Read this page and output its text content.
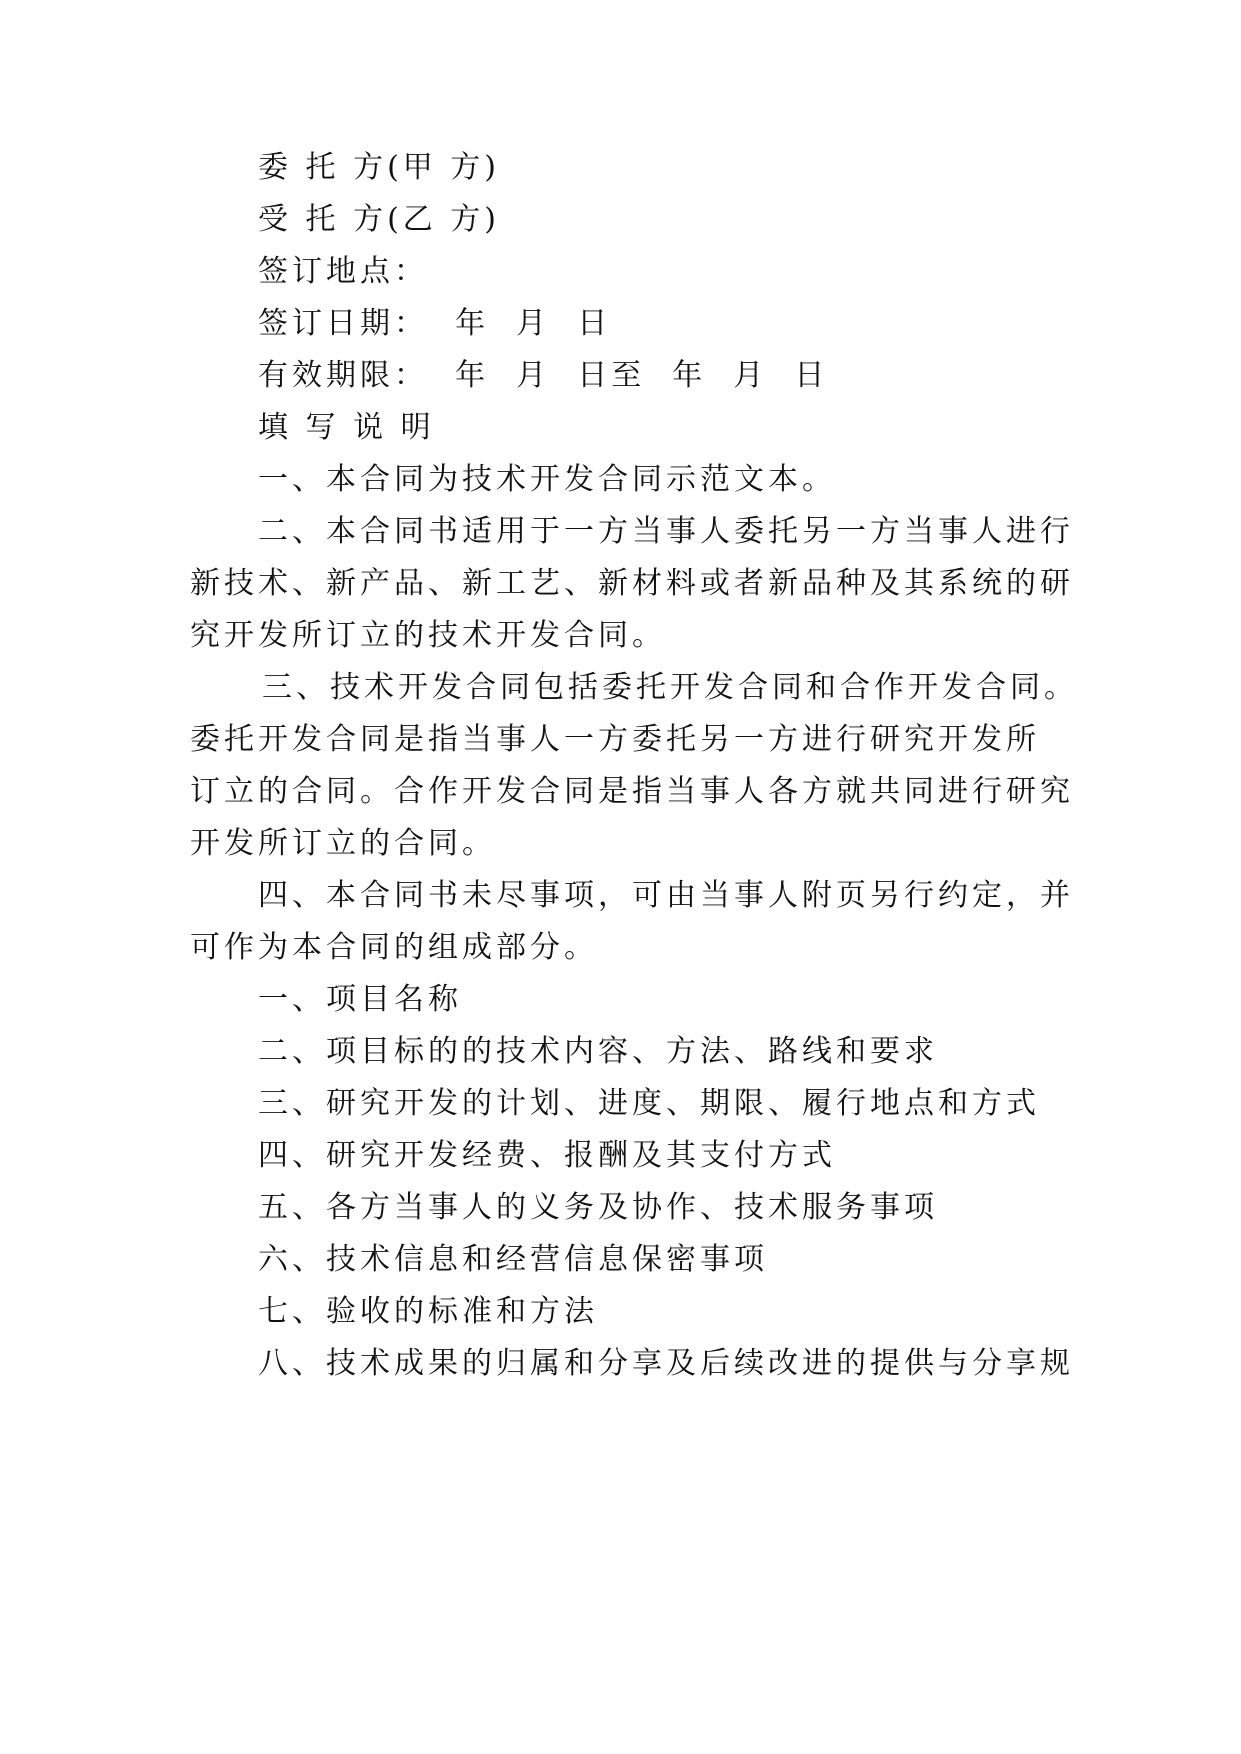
委 托 方(甲 方)
受 托 方(乙 方)
签订地点：
签订日期：  年  月  日
有效期限：  年  月  日至  年  月  日
填 写 说 明
一、本合同为技术开发合同示范文本。
二、本合同书适用于一方当事人委托另一方当事人进行
新技术、新产品、新工艺、新材料或者新品种及其系统的研
究开发所订立的技术开发合同。
三、技术开发合同包括委托开发合同和合作开发合同。
委托开发合同是指当事人一方委托另一方进行研究开发所
订立的合同。合作开发合同是指当事人各方就共同进行研究
开发所订立的合同。
四、本合同书未尽事项，可由当事人附页另行约定，并
可作为本合同的组成部分。
一、项目名称
二、项目标的的技术内容、方法、路线和要求
三、研究开发的计划、进度、期限、履行地点和方式
四、研究开发经费、报酬及其支付方式
五、各方当事人的义务及协作、技术服务事项
六、技术信息和经营信息保密事项
七、验收的标准和方法
八、技术成果的归属和分享及后续改进的提供与分享规
